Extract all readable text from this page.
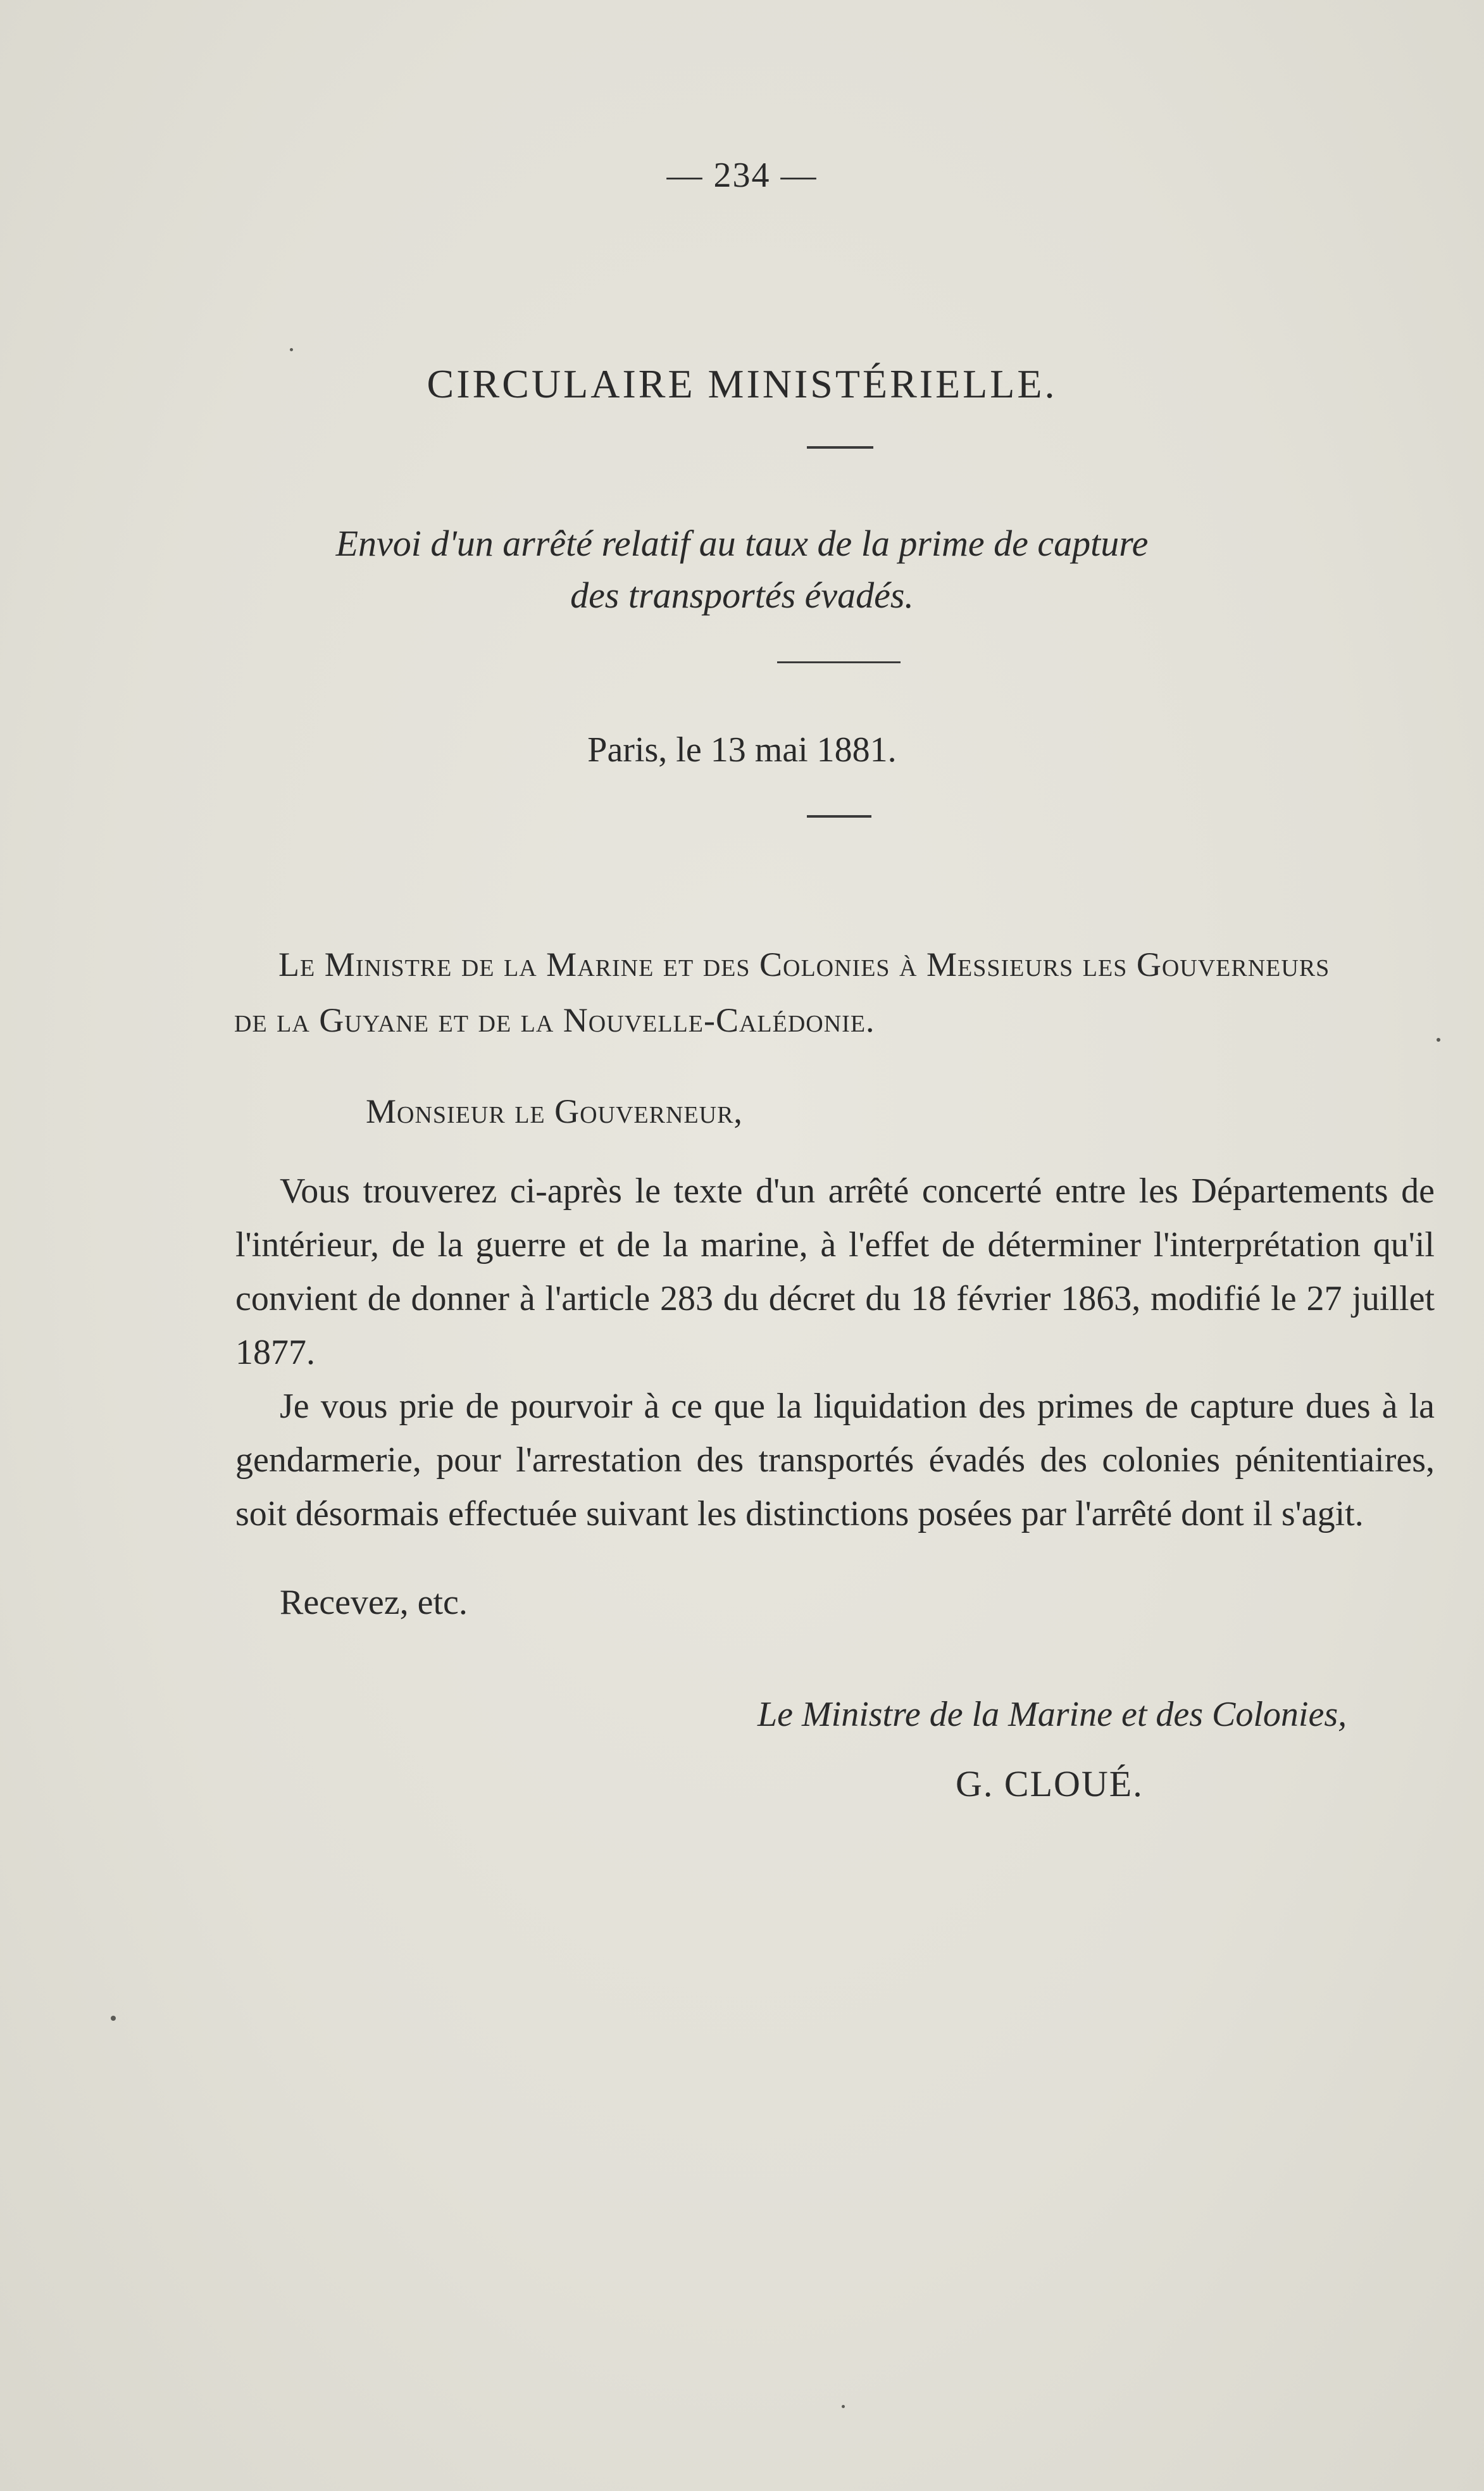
— 234 —
CIRCULAIRE MINISTÉRIELLE.
Envoi d'un arrêté relatif au taux de la prime de capture
des transportés évadés.
Paris, le 13 mai 1881.
Le Ministre de la Marine et des Colonies à Messieurs les Gouverneurs
de la Guyane et de la Nouvelle-Calédonie.
Monsieur le Gouverneur,

Vous trouverez ci-après le texte d'un arrêté concerté entre les Départements de l'intérieur, de la guerre et de la marine, à l'effet de déterminer l'interprétation qu'il convient de donner à l'article 283 du décret du 18 février 1863, modifié le 27 juillet 1877.

Je vous prie de pourvoir à ce que la liquidation des primes de capture dues à la gendarmerie, pour l'arrestation des transportés évadés des colonies pénitentiaires, soit désormais effectuée suivant les distinctions posées par l'arrêté dont il s'agit.

Recevez, etc.
Le Ministre de la Marine et des Colonies,
G. CLOUÉ.
